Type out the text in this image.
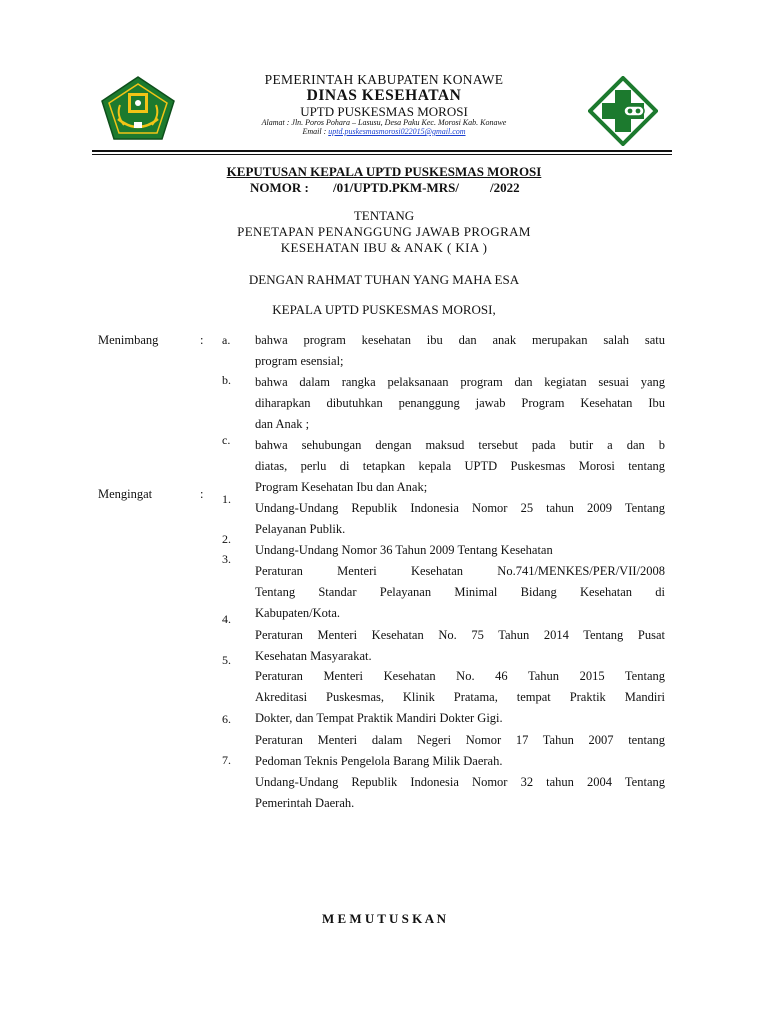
PEMERINTAH KABUPATEN KONAWE
DINAS KESEHATAN
UPTD PUSKESMAS MOROSI
Alamat : Jln. Poros Pohara – Lasusu, Desa Paku Kec. Morosi Kab. Konawe
Email : uptd.puskesmasmorosi022015@gmail.com
KEPUTUSAN KEPALA UPTD PUSKESMAS MOROSI
NOMOR : /01/UPTD.PKM-MRS/ /2022
TENTANG
PENETAPAN PENANGGUNG JAWAB PROGRAM
KESEHATAN IBU & ANAK ( KIA )
DENGAN RAHMAT TUHAN YANG MAHA ESA
KEPALA UPTD PUSKESMAS MOROSI,
Menimbang	: a. bahwa program kesehatan ibu dan anak merupakan salah satu
program esensial;
b. bahwa dalam rangka pelaksanaan program dan kegiatan sesuai yang
diharapkan dibutuhkan penanggung jawab Program Kesehatan Ibu
dan Anak ;
c. bahwa sehubungan dengan maksud tersebut pada butir a dan b
diatas, perlu di tetapkan kepala UPTD Puskesmas Morosi tentang
Program Kesehatan Ibu dan Anak;
Mengingat	: 1.
2.
3.
4.
5.
6.
7.
Undang-Undang Republik Indonesia Nomor 25 tahun 2009 Tentang
Pelayanan Publik.
Undang-Undang Nomor 36 Tahun 2009 Tentang Kesehatan
Peraturan Menteri Kesehatan No.741/MENKES/PER/VII/2008
Tentang Standar Pelayanan Minimal Bidang Kesehatan di
Kabupaten/Kota.
Peraturan Menteri Kesehatan No. 75 Tahun 2014 Tentang Pusat
Kesehatan Masyarakat.
Peraturan Menteri Kesehatan No. 46 Tahun 2015 Tentang
Akreditasi Puskesmas, Klinik Pratama, tempat Praktik Mandiri
Dokter, dan Tempat Praktik Mandiri Dokter Gigi.
Peraturan Menteri dalam Negeri Nomor 17 Tahun 2007 tentang
Pedoman Teknis Pengelola Barang Milik Daerah.
Undang-Undang Republik Indonesia Nomor 32 tahun 2004 Tentang
Pemerintah Daerah.
M E M U T U S K A N
